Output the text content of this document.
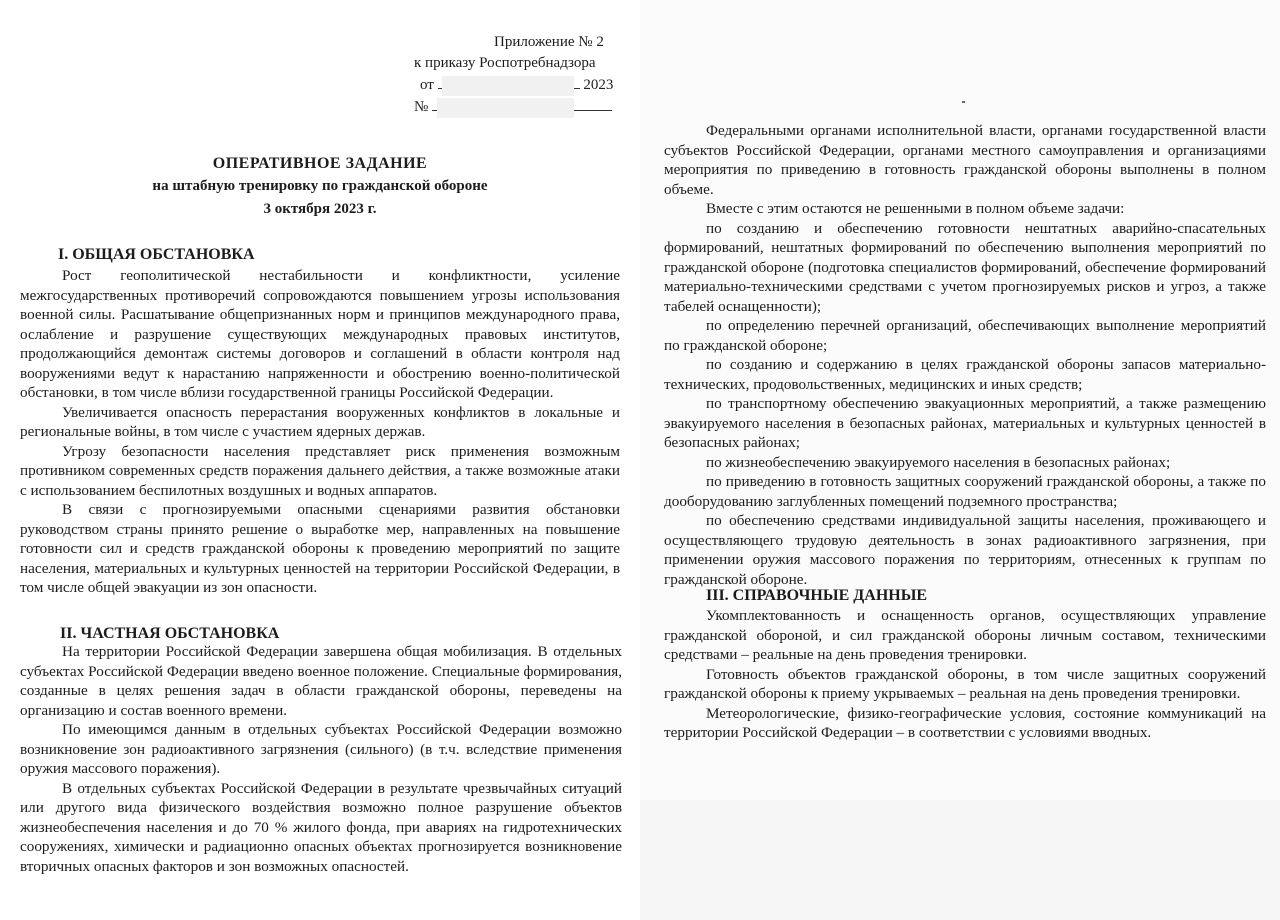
Приложение № 2
к приказу Роспотребнадзора
от	2023
№
ОПЕРАТИВНОЕ ЗАДАНИЕ
на штабную тренировку по гражданской обороне
3 октября 2023 г.
I. ОБЩАЯ ОБСТАНОВКА

Рост геополитической нестабильности и конфликтности, усиление межгосударственных противоречий сопровождаются повышением угрозы использования военной силы. Расшатывание общепризнанных норм и принципов международного права, ослабление и разрушение существующих международных правовых институтов, продолжающийся демонтаж системы договоров и соглашений в области контроля над вооружениями ведут к нарастанию напряженности и обострению военно-политической обстановки, в том числе вблизи государственной границы Российской Федерации.

Увеличивается опасность перерастания вооруженных конфликтов в локальные и региональные войны, в том числе с участием ядерных держав.

Угрозу безопасности населения представляет риск применения возможным противником современных средств поражения дальнего действия, а также возможные атаки с использованием беспилотных воздушных и водных аппаратов.

В связи с прогнозируемыми опасными сценариями развития обстановки руководством страны принято решение о выработке мер, направленных на повышение готовности сил и средств гражданской обороны к проведению мероприятий по защите населения, материальных и культурных ценностей на территории Российской Федерации, в том числе общей эвакуации из зон опасности.

II. ЧАСТНАЯ ОБСТАНОВКА

На территории Российской Федерации завершена общая мобилизация. В отдельных субъектах Российской Федерации введено военное положение. Специальные формирования, созданные в целях решения задач в области гражданской обороны, переведены на организацию и состав военного времени.

По имеющимся данным в отдельных субъектах Российской Федерации возможно возникновение зон радиоактивного загрязнения (сильного) (в т.ч. вследствие применения оружия массового поражения).

В отдельных субъектах Российской Федерации в результате чрезвычайных ситуаций или другого вида физического воздействия возможно полное разрушение объектов жизнеобеспечения населения и до 70 % жилого фонда, при авариях на гидротехнических сооружениях, химически и радиационно опасных объектах прогнозируется возникновение вторичных опасных факторов и зон возможных опасностей.

Федеральными органами исполнительной власти, органами государственной власти субъектов Российской Федерации, органами местного самоуправления и организациями мероприятия по приведению в готовность гражданской обороны выполнены в полном объеме.

Вместе с этим остаются не решенными в полном объеме задачи:

по созданию и обеспечению готовности нештатных аварийно-спасательных формирований, нештатных формирований по обеспечению выполнения мероприятий по гражданской обороне (подготовка специалистов формирований, обеспечение формирований материально-техническими средствами с учетом прогнозируемых рисков и угроз, а также табелей оснащенности);

по определению перечней организаций, обеспечивающих выполнение мероприятий по гражданской обороне;

по созданию и содержанию в целях гражданской обороны запасов материально-технических, продовольственных, медицинских и иных средств;

по транспортному обеспечению эвакуационных мероприятий, а также размещению эвакуируемого населения в безопасных районах, материальных и культурных ценностей в безопасных районах;

по жизнеобеспечению эвакуируемого населения в безопасных районах;

по приведению в готовность защитных сооружений гражданской обороны, а также по дооборудованию заглубленных помещений подземного пространства;

по обеспечению средствами индивидуальной защиты населения, проживающего и осуществляющего трудовую деятельность в зонах радиоактивного загрязнения, при применении оружия массового поражения по территориям, отнесенных к группам по гражданской обороне.

III. СПРАВОЧНЫЕ ДАННЫЕ

Укомплектованность и оснащенность органов, осуществляющих управление гражданской обороной, и сил гражданской обороны личным составом, техническими средствами – реальные на день проведения тренировки.

Готовность объектов гражданской обороны, в том числе защитных сооружений гражданской обороны к приему укрываемых – реальная на день проведения тренировки.

Метеорологические, физико-географические условия, состояние коммуникаций на территории Российской Федерации – в соответствии с условиями вводных.
